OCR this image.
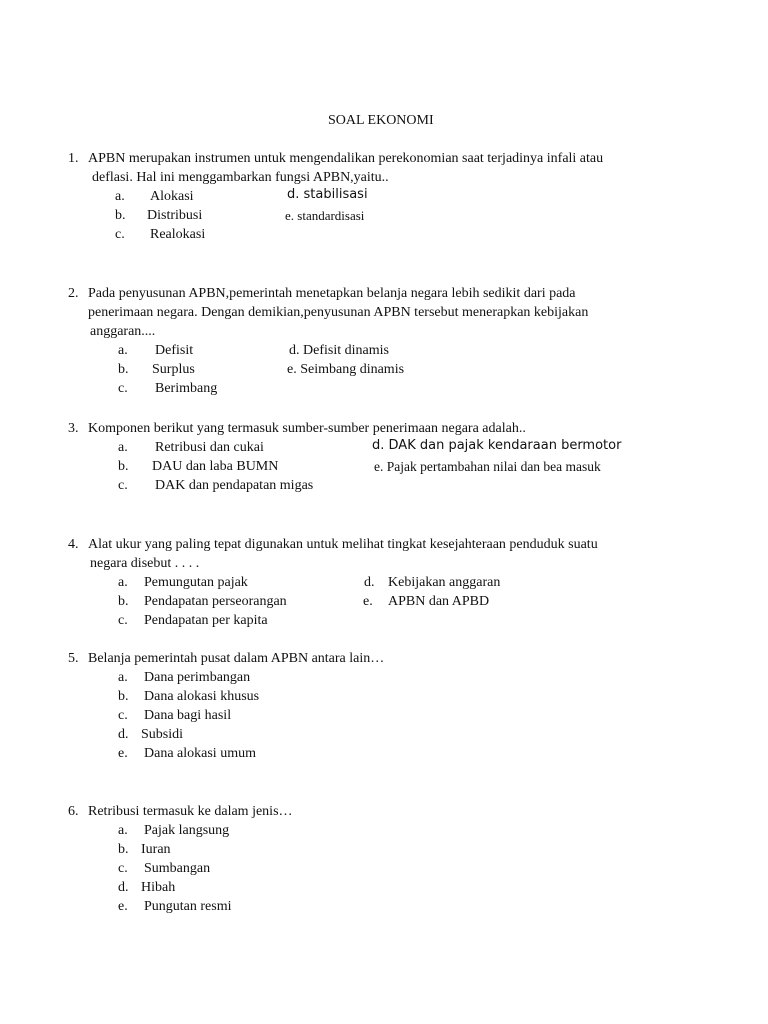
SOAL EKONOMI
1. APBN merupakan instrumen untuk mengendalikan perekonomian saat terjadinya infali atau
deflasi. Hal ini menggambarkan fungsi APBN,yaitu..
a. Alokasi
b. Distribusi
c. Realokasi
d. stabilisasi
e. standardisasi
2. Pada penyusunan APBN,pemerintah menetapkan belanja negara lebih sedikit dari pada
penerimaan negara. Dengan demikian,penyusunan APBN tersebut menerapkan kebijakan
anggaran....
a. Defisit
b. Surplus
c. Berimbang
d. Defisit dinamis
e. Seimbang dinamis
3. Komponen berikut yang termasuk sumber-sumber penerimaan negara adalah..
a. Retribusi dan cukai
b. DAU dan laba BUMN
c. DAK dan pendapatan migas
d. DAK dan pajak kendaraan bermotor
e. Pajak pertambahan nilai dan bea masuk
4. Alat ukur yang paling tepat digunakan untuk melihat tingkat kesejahteraan penduduk suatu
negara disebut . . . .
a. Pemungutan pajak
b. Pendapatan perseorangan
c. Pendapatan per kapita
d. Kebijakan anggaran
e. APBN dan APBD
5. Belanja pemerintah pusat dalam APBN antara lain…
a. Dana perimbangan
b. Dana alokasi khusus
c. Dana bagi hasil
d. Subsidi
e. Dana alokasi umum
6. Retribusi termasuk ke dalam jenis…
a. Pajak langsung
b. Iuran
c. Sumbangan
d. Hibah
e. Pungutan resmi
